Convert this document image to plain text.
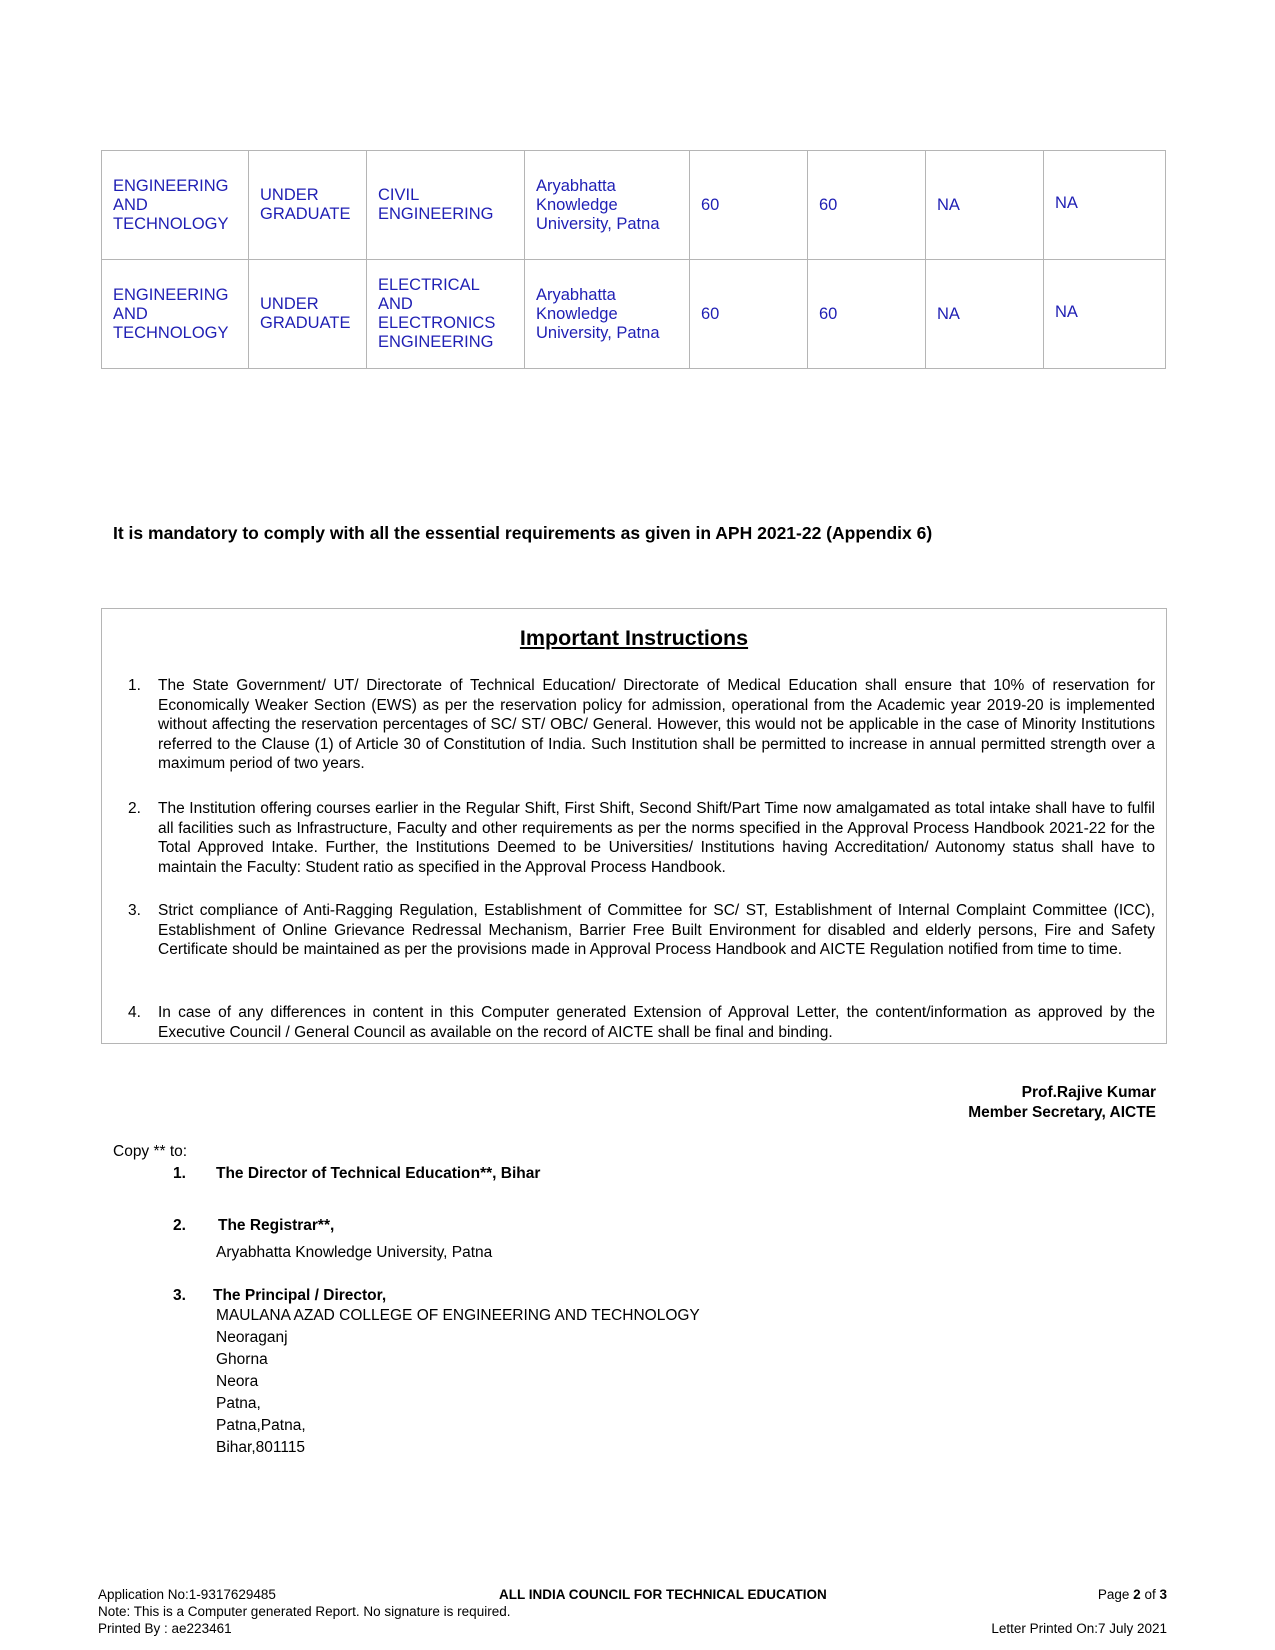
ENGINEERING AND TECHNOLOGY	UNDER GRADUATE	CIVIL ENGINEERING	Aryabhatta Knowledge University, Patna	60	60	NA	NA
ENGINEERING AND TECHNOLOGY	UNDER GRADUATE	ELECTRICAL AND ELECTRONICS ENGINEERING	Aryabhatta Knowledge University, Patna	60	60	NA	NA
It is mandatory to comply with all the essential requirements as given in APH 2021-22 (Appendix 6)
Important Instructions
1. The State Government/ UT/ Directorate of Technical Education/ Directorate of Medical Education shall ensure that 10% of reservation for Economically Weaker Section (EWS) as per the reservation policy for admission, operational from the Academic year 2019-20 is implemented without affecting the reservation percentages of SC/ ST/ OBC/ General. However, this would not be applicable in the case of Minority Institutions referred to the Clause (1) of Article 30 of Constitution of India. Such Institution shall be permitted to increase in annual permitted strength over a maximum period of two years.
2. The Institution offering courses earlier in the Regular Shift, First Shift, Second Shift/Part Time now amalgamated as total intake shall have to fulfil all facilities such as Infrastructure, Faculty and other requirements as per the norms specified in the Approval Process Handbook 2021-22 for the Total Approved Intake. Further, the Institutions Deemed to be Universities/ Institutions having Accreditation/ Autonomy status shall have to maintain the Faculty: Student ratio as specified in the Approval Process Handbook.
3. Strict compliance of Anti-Ragging Regulation, Establishment of Committee for SC/ ST, Establishment of Internal Complaint Committee (ICC), Establishment of Online Grievance Redressal Mechanism, Barrier Free Built Environment for disabled and elderly persons, Fire and Safety Certificate should be maintained as per the provisions made in Approval Process Handbook and AICTE Regulation notified from time to time.
4. In case of any differences in content in this Computer generated Extension of Approval Letter, the content/information as approved by the Executive Council / General Council as available on the record of AICTE shall be final and binding.
Prof.Rajive Kumar
Member Secretary, AICTE
Copy ** to:
1. The Director of Technical Education**, Bihar
2. The Registrar**,
Aryabhatta Knowledge University, Patna
3. The Principal / Director,
MAULANA AZAD COLLEGE OF ENGINEERING AND TECHNOLOGY
Neoraganj
Ghorna
Neora
Patna,
Patna,Patna,
Bihar,801115
Application No:1-9317629485	ALL INDIA COUNCIL FOR TECHNICAL EDUCATION	Page 2 of 3
Note: This is a Computer generated Report. No signature is required.
Printed By : ae223461	Letter Printed On:7 July 2021
